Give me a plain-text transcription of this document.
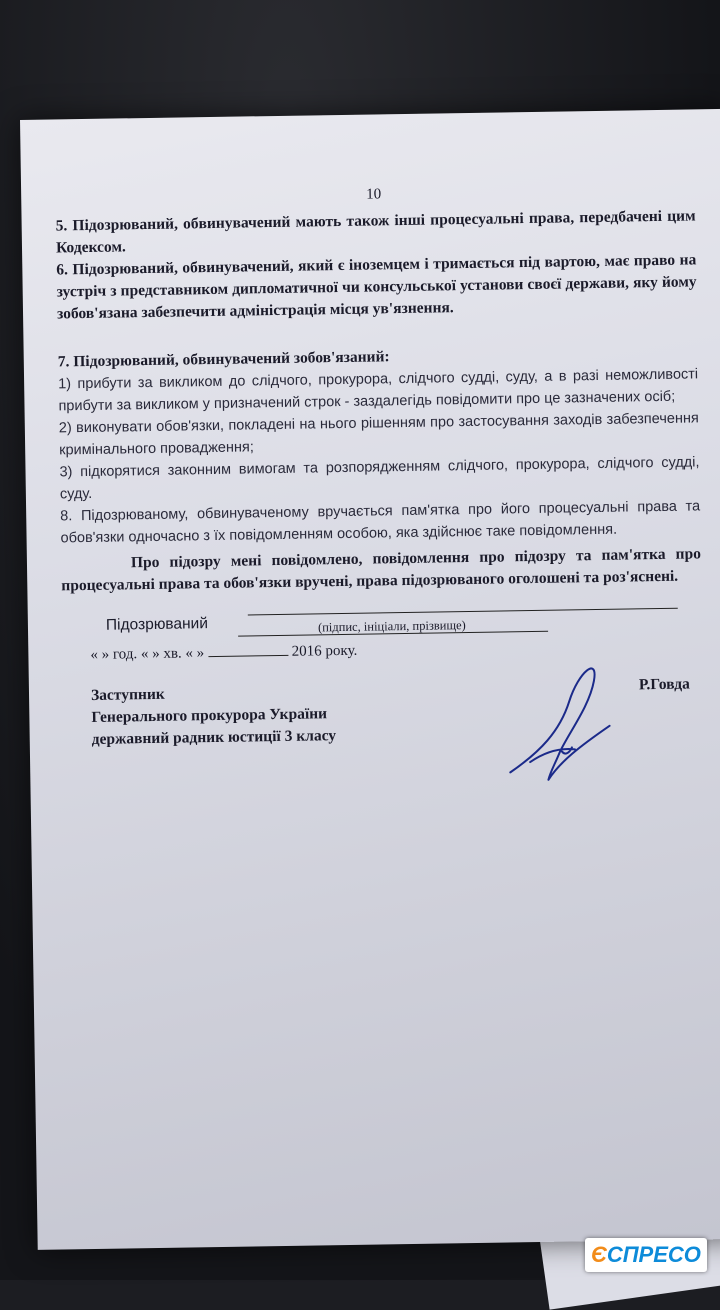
10
5. Підозрюваний, обвинувачений мають також інші процесуальні права, передбачені цим Кодексом.
6. Підозрюваний, обвинувачений, який є іноземцем і тримається під вартою, має право на зустріч з представником дипломатичної чи консульської установи своєї держави, яку йому зобов'язана забезпечити адміністрація місця ув'язнення.
7. Підозрюваний, обвинувачений зобов'язаний:
1) прибути за викликом до слідчого, прокурора, слідчого судді, суду, а в разі неможливості прибути за викликом у призначений строк - заздалегідь повідомити про це зазначених осіб;
2) виконувати обов'язки, покладені на нього рішенням про застосування заходів забезпечення кримінального провадження;
3) підкорятися законним вимогам та розпорядженням слідчого, прокурора, слідчого судді, суду.
8. Підозрюваному, обвинуваченому вручається пам'ятка про його процесуальні права та обов'язки одночасно з їх повідомленням особою, яка здійснює таке повідомлення.
Про підозру мені повідомлено, повідомлення про підозру та пам'ятка про процесуальні права та обов'язки вручені, права підозрюваного оголошені та роз'яснені.
Підозрюваний	(підпис, ініціали, прізвище)
« » год. « » хв. « »	2016 року.
Заступник
Генерального прокурора України
державний радник юстиції 3 класу
Р.Говда
ЄСПРЕСО
